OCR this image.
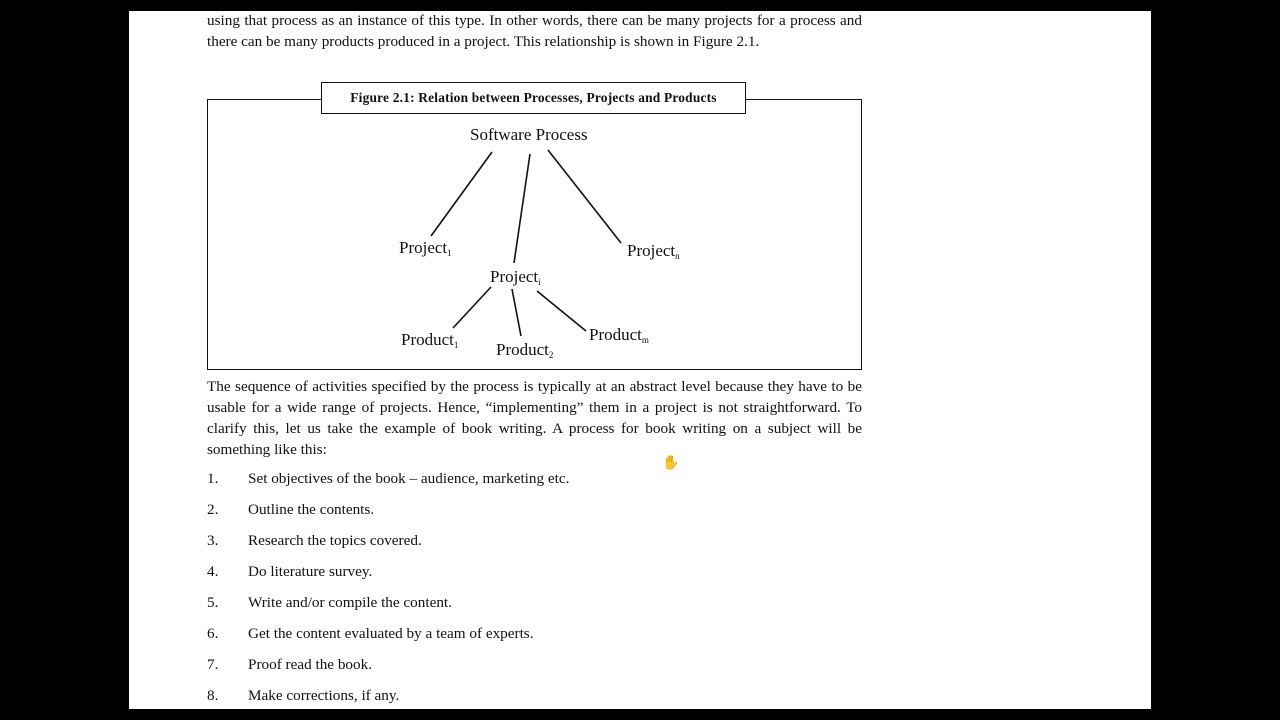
using that process as an instance of this type. In other words, there can be many projects for a process and there can be many products produced in a project. This relationship is shown in Figure 2.1.

Figure 2.1: Relation between Processes, Projects and Products
Software Process
Project$_1$
Project$_i$
Project$_n$
Product$_1$ Product$_2$
Product$_m$

The sequence of activities specified by the process is typically at an abstract level because they have to be usable for a wide range of projects. Hence, “implementing” them in a project is not straightforward. To clarify this, let us take the example of book writing. A process for book writing on a subject will be something like this:

1.	Set objectives of the book – audience, marketing etc.
2.	Outline the contents.
3.	Research the topics covered.
4.	Do literature survey.
5.	Write and/or compile the content.
6.	Get the content evaluated by a team of experts.
7.	Proof read the book.
8.	Make corrections, if any.
✋
